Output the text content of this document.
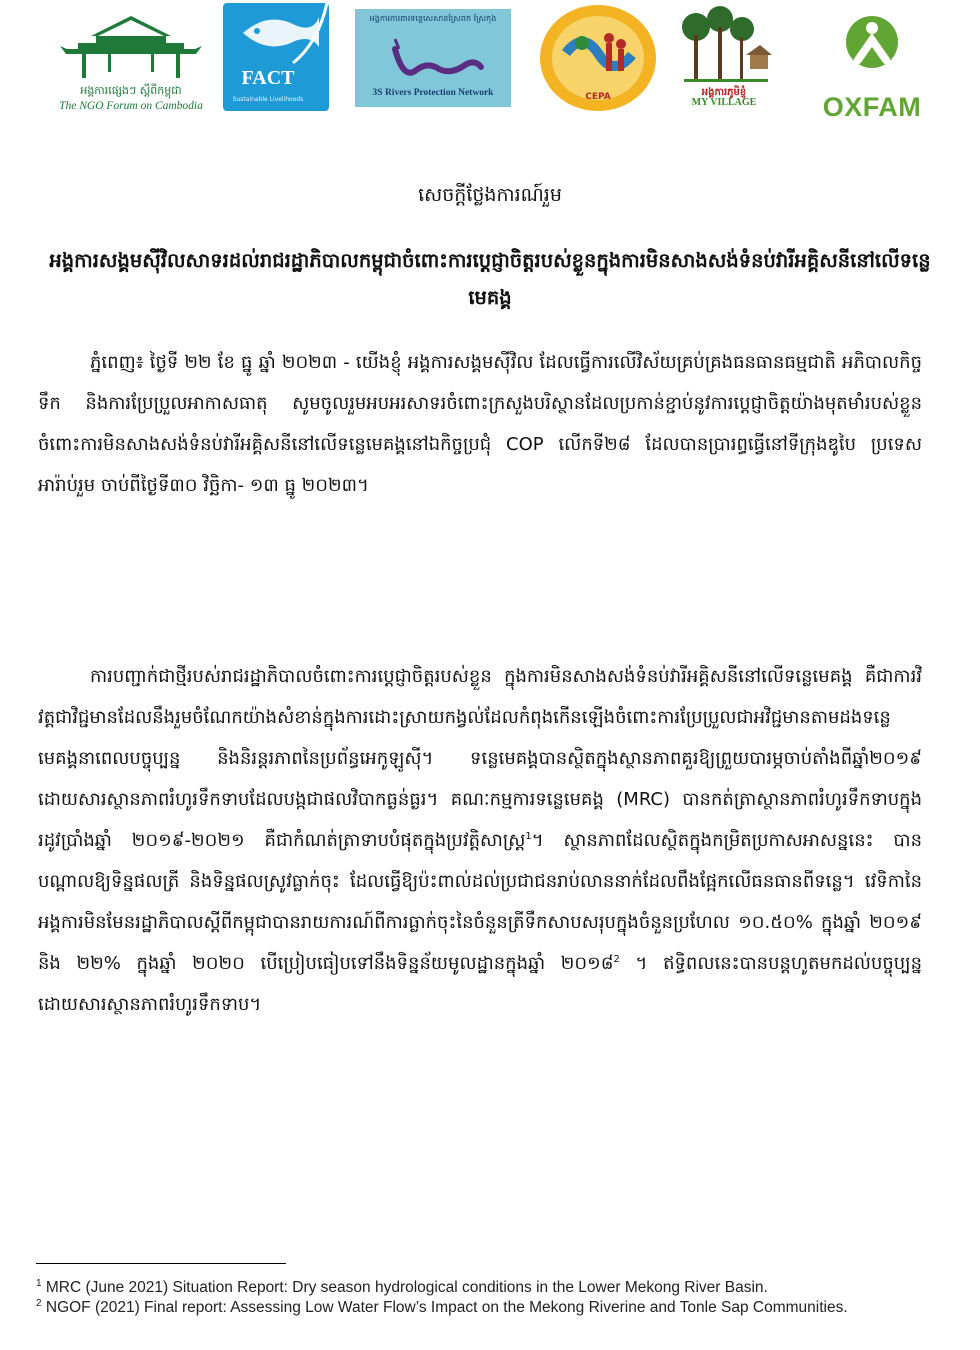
អង្គការផ្សេងៗ ស្តីពីកម្ពុជា
The NGO Forum on Cambodia
FACT
Sustainable Livelihoods
អង្គការការពារទន្លេសេសានស្រែពក ស្រែកុង
3S Rivers Protection Network	CEPA	អង្គការភូមិខ្ញុំ
MY VILLAGE	OXFAM
សេចក្តីថ្លែងការណ៍រួម
អង្គការសង្គមស៊ីវិលសាទរដល់រាជរដ្ឋាភិបាលកម្ពុជាចំពោះការប្តេជ្ញាចិត្តរបស់ខ្លួនក្នុងការមិនសាងសង់ទំនប់វារីអគ្គិសនីនៅលើទន្លេមេគង្គ

ភ្នំពេញ៖ ថ្ងៃទី ២២ ខែ ធ្នូ ឆ្នាំ ២០២៣ - យើងខ្ញុំ អង្គការសង្គមស៊ីវិល ដែលធ្វើការលើវិស័យគ្រប់គ្រងធនធានធម្មជាតិ អភិបាលកិច្ចទឹក និងការប្រែប្រួលអាកាសធាតុ សូមចូលរួមអបអរសាទរចំពោះក្រសួងបរិស្ថានដែលប្រកាន់ខ្ជាប់នូវការប្តេជ្ញាចិត្តយ៉ាងមុតមាំរបស់ខ្លួនចំពោះការមិនសាងសង់ទំនប់វារីអគ្គិសនីនៅលើទន្លេមេគង្គនៅឯកិច្ចប្រជុំ COP លើកទី២៨ ដែលបានប្រារព្ធធ្វើនៅទីក្រុងឌូបៃ ប្រទេសអារ៉ាប់រួម ចាប់ពីថ្ងៃទី៣០ វិច្ឆិកា- ១៣ ធ្នូ ២០២៣។

ការបញ្ជាក់ជាថ្មីរបស់រាជរដ្ឋាភិបាលចំពោះការប្តេជ្ញាចិត្តរបស់ខ្លួន ក្នុងការមិនសាងសង់ទំនប់វារីអគ្គិសនីនៅលើទន្លេមេគង្គ គឺជាការវិវត្តជាវិជ្ជមានដែលនឹងរួមចំណែកយ៉ាងសំខាន់ក្នុងការដោះស្រាយកង្វល់ដែលកំពុងកើនឡើងចំពោះការប្រែប្រួលជាអវិជ្ជមានតាមដងទន្លេមេគង្គនាពេលបច្ចុប្បន្ន និងនិរន្តរភាពនៃប្រព័ន្ធអេកូឡូស៊ី។ ទន្លេមេគង្គបានស្ថិតក្នុងស្ថានភាពគួរឱ្យព្រួយបារម្ភចាប់តាំងពីឆ្នាំ២០១៩ ដោយសារស្ថានភាពរំហូរទឹកទាបដែលបង្កជាផលវិបាកធ្ងន់ធ្ងរ។ គណៈកម្មការទន្លេមេគង្គ (MRC) បានកត់ត្រាស្ថានភាពរំហូរទឹកទាបក្នុងរដូវប្រាំងឆ្នាំ ២០១៩-២០២១ គឺជាកំណត់ត្រាទាបបំផុតក្នុងប្រវត្តិសាស្ត្រ$^1$។ ស្ថានភាពដែលស្ថិតក្នុងកម្រិតប្រកាសអាសន្ននេះ បានបណ្តាលឱ្យទិន្នផលត្រី និងទិន្នផលស្រូវធ្លាក់ចុះ ដែលធ្វើឱ្យប៉ះពាល់ដល់ប្រជាជនរាប់លាននាក់ដែលពឹងផ្អែកលើធនធានពីទន្លេ។ វេទិកានៃអង្គការមិនមែនរដ្ឋាភិបាលស្តីពីកម្ពុជាបានរាយការណ៍ពីការធ្លាក់ចុះនៃចំនួនត្រីទឹកសាបសរុបក្នុងចំនួនប្រហែល ១០.៥០% ក្នុងឆ្នាំ ២០១៩ និង ២២% ក្នុងឆ្នាំ ២០២០ បើប្រៀបធៀបទៅនឹងទិន្នន័យមូលដ្ឋានក្នុងឆ្នាំ ២០១៨$^2$ ។ ឥទ្ធិពលនេះបានបន្តហូតមកដល់បច្ចុប្បន្ន ដោយសារស្ថានភាពរំហូរទឹកទាប។

$^1$ MRC (June 2021) Situation Report: Dry season hydrological conditions in the Lower Mekong River Basin.
$^2$ NGOF (2021) Final report: Assessing Low Water Flow’s Impact on the Mekong Riverine and Tonle Sap Communities.
